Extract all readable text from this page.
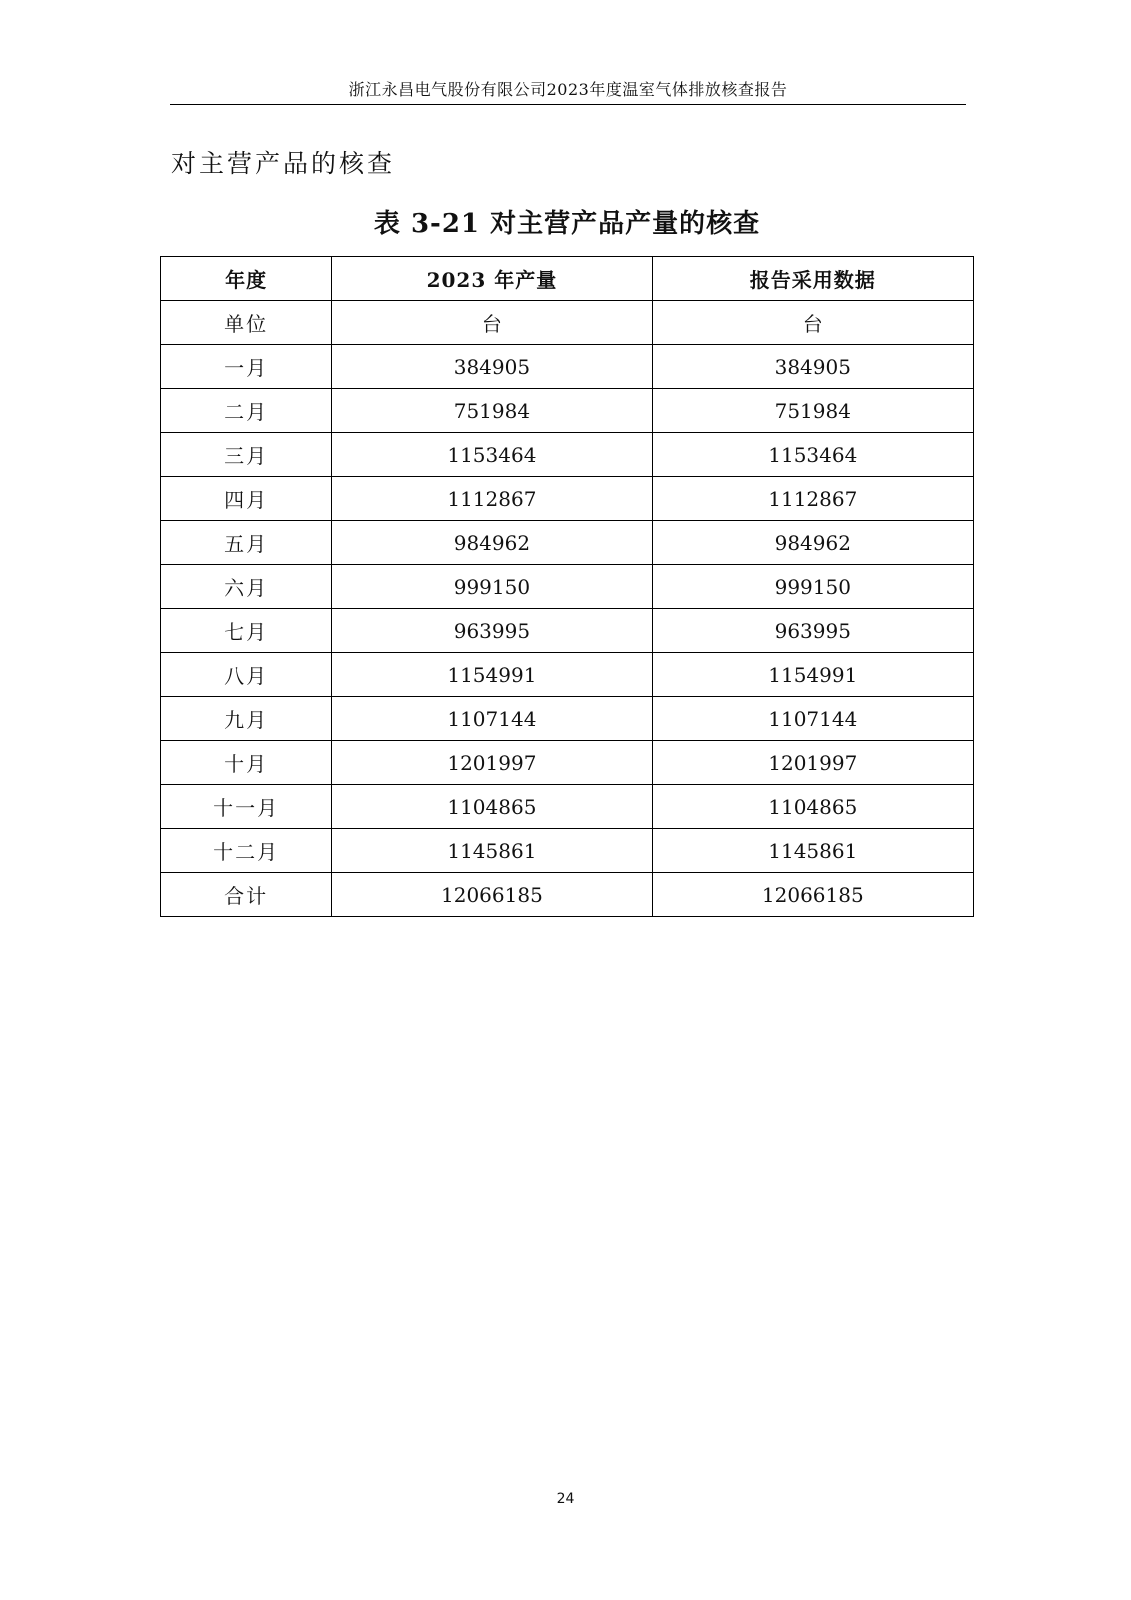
浙江永昌电气股份有限公司2023年度温室气体排放核查报告
对主营产品的核查
表 3-21 对主营产品产量的核查
年度	2023 年产量	报告采用数据
单位	台	台
一月	384905	384905
二月	751984	751984
三月	1153464	1153464
四月	1112867	1112867
五月	984962	984962
六月	999150	999150
七月	963995	963995
八月	1154991	1154991
九月	1107144	1107144
十月	1201997	1201997
十一月	1104865	1104865
十二月	1145861	1145861
合计	12066185	12066185
24
